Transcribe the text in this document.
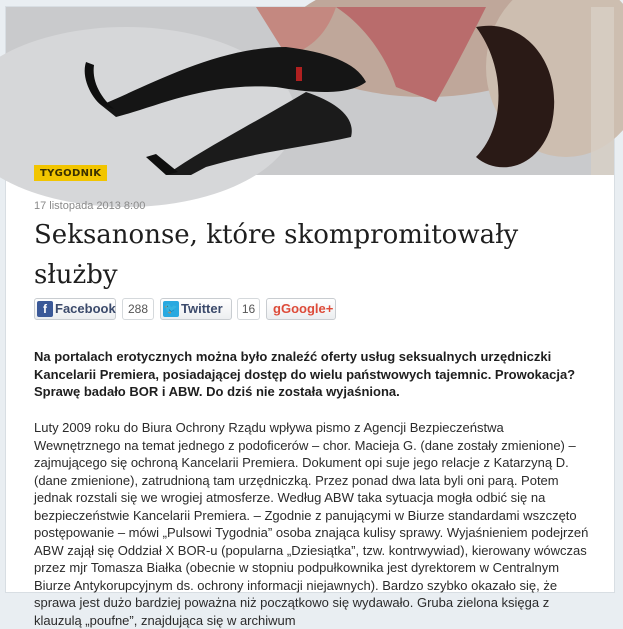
TYGODNIK
17 listopada 2013 8:00
Seksanonse, które skompromitowały służby
f Facebook	288	🐦 Twitter	16	g Google+

Na portalach erotycznych można było znaleźć oferty usług seksualnych urzędniczki Kancelarii Premiera, posiadającej dostęp do wielu państwowych tajemnic. Prowokacja? Sprawę badało BOR i ABW. Do dziś nie została wyjaśniona.

Luty 2009 roku do Biura Ochrony Rządu wpływa pismo z Agencji Bezpieczeństwa Wewnętrznego na temat jednego z podoficerów – chor. Macieja G. (dane zostały zmienione) – zajmującego się ochroną Kancelarii Premiera. Dokument opi suje jego relacje z Katarzyną D. (dane zmienione), zatrudnioną tam urzędniczką. Przez ponad dwa lata byli oni parą. Potem jednak rozstali się we wrogiej atmosferze. Według ABW taka sytuacja mogła odbić się na bezpieczeństwie Kancelarii Premiera. – Zgodnie z panującymi w Biurze standardami wszczęto postępowanie – mówi „Pulsowi Tygodnia” osoba znająca kulisy sprawy. Wyjaśnieniem podejrzeń ABW zajął się Oddział X BOR-u (popularna „Dziesiątka”, tzw. kontrwywiad), kierowany wówczas przez mjr Tomasza Białka (obecnie w stopniu podpułkownika jest dyrektorem w Centralnym Biurze Antykorupcyjnym ds. ochrony informacji niejawnych). Bardzo szybko okazało się, że sprawa jest dużo bardziej poważna niż początkowo się wydawało. Gruba zielona księga z klauzulą „poufne”, znajdująca się w archiwum
